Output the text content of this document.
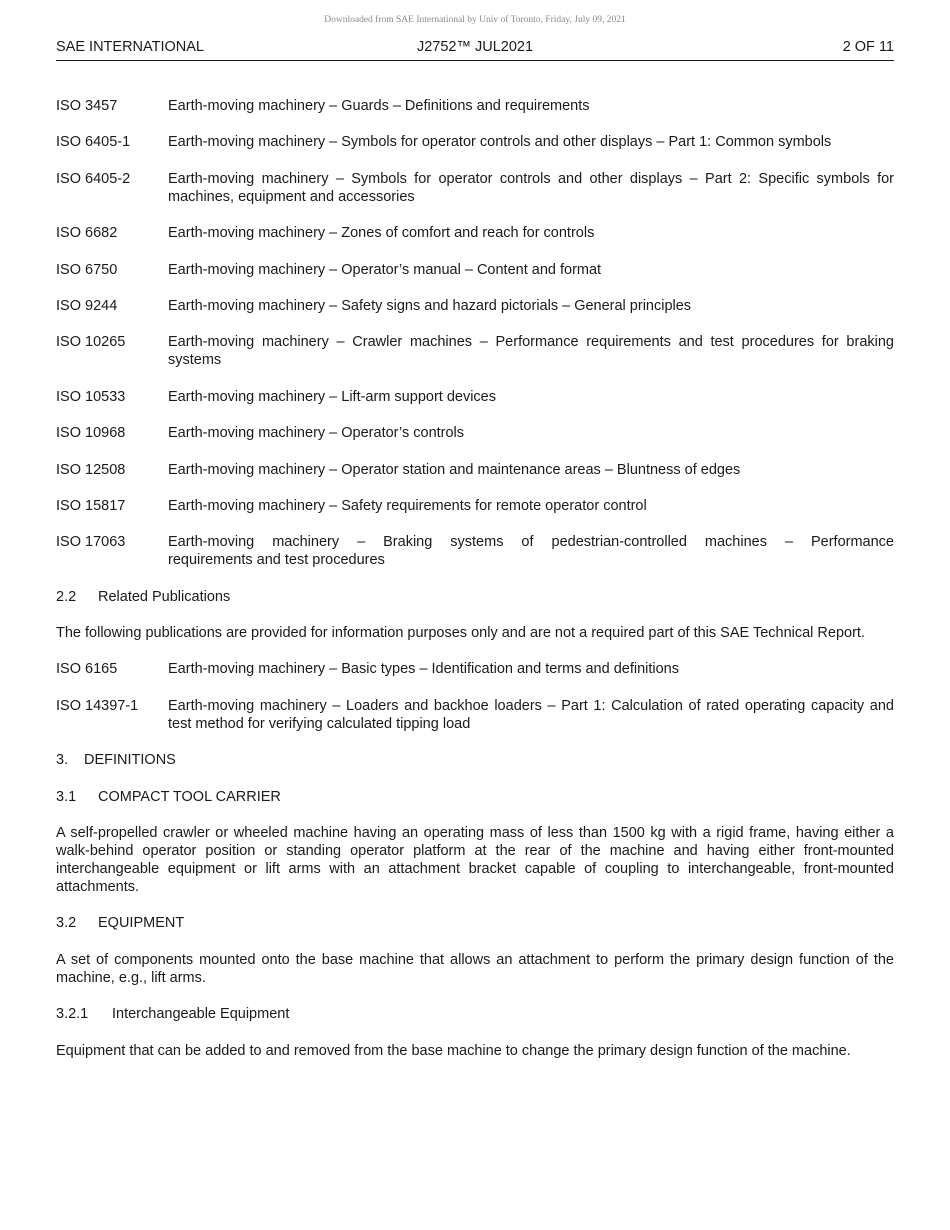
Downloaded from SAE International by Univ of Toronto, Friday, July 09, 2021
SAE INTERNATIONAL	J2752™ JUL2021	2 OF 11
ISO 3457	Earth-moving machinery – Guards – Definitions and requirements
ISO 6405-1	Earth-moving machinery – Symbols for operator controls and other displays – Part 1: Common symbols
ISO 6405-2	Earth-moving machinery – Symbols for operator controls and other displays – Part 2: Specific symbols for machines, equipment and accessories
ISO 6682	Earth-moving machinery – Zones of comfort and reach for controls
ISO 6750	Earth-moving machinery – Operator’s manual – Content and format
ISO 9244	Earth-moving machinery – Safety signs and hazard pictorials – General principles
ISO 10265	Earth-moving machinery – Crawler machines – Performance requirements and test procedures for braking systems
ISO 10533	Earth-moving machinery – Lift-arm support devices
ISO 10968	Earth-moving machinery – Operator’s controls
ISO 12508	Earth-moving machinery – Operator station and maintenance areas – Bluntness of edges
ISO 15817	Earth-moving machinery – Safety requirements for remote operator control
ISO 17063	Earth-moving machinery – Braking systems of pedestrian-controlled machines – Performance
requirements and test procedures
2.2 Related Publications
The following publications are provided for information purposes only and are not a required part of this SAE Technical Report.
ISO 6165	Earth-moving machinery – Basic types – Identification and terms and definitions
ISO 14397-1	Earth-moving machinery – Loaders and backhoe loaders – Part 1: Calculation of rated operating capacity and test method for verifying calculated tipping load
3. DEFINITIONS
3.1 COMPACT TOOL CARRIER
A self-propelled crawler or wheeled machine having an operating mass of less than 1500 kg with a rigid frame, having either a walk-behind operator position or standing operator platform at the rear of the machine and having either front-mounted interchangeable equipment or lift arms with an attachment bracket capable of coupling to interchangeable, front-mounted attachments.
3.2 EQUIPMENT
A set of components mounted onto the base machine that allows an attachment to perform the primary design function of the machine, e.g., lift arms.
3.2.1 Interchangeable Equipment
Equipment that can be added to and removed from the base machine to change the primary design function of the machine.
